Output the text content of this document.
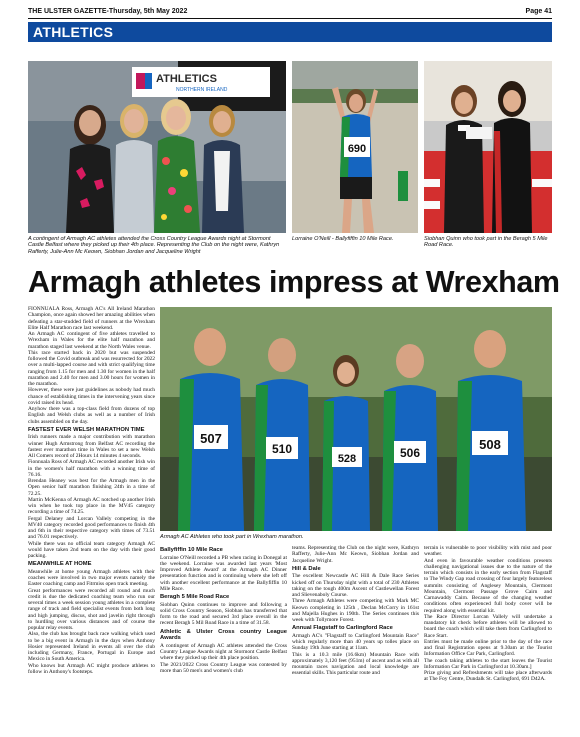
THE ULSTER GAZETTE-Thursday, 5th May 2022	Page 41
ATHLETICS
ATHLETICS
NORTHERN IRELAND
690
A contingent of Armagh AC athletes attended the Cross Country League Awards night at Stormont Castle Belfast where they picked up their 4th place. Representing the Club on the night were, Kathryn Rafferty, Julie-Ann Mc Keown, Siobhan Jordan and Jacqueline Wright
Lorraine O'Neill - Ballyfiffin 10 Mile Race.	Siobhan Quinn who took part in the Beragh 5 Mile Road Race.
Armagh athletes impress at Wrexham
507
510
528	506
508
Armagh AC Athletes who took part in Wrexham marathon.

FIONNUALA Ross, Armagh AC's All Ireland Marathon Champion, once again showed her amazing abilities when defeating a star-studded field of runners at the Wrexham Elite Half Marathon race last weekend.

An Armagh AC contingent of five athletes travelled to Wrexham in Wales for the elite half marathon and marathon staged last weekend at the North Wales venue.

This race started back in 2020 but was suspended followed the Covid outbreak and was resurrected for 2022 over a multi-lapped course and with strict qualifying time ranging from 1.15 for men and 1.30 for women in the half marathon and 2.40 for men and 3.00 hours for women in the marathon.

However, these were just guidelines as nobody had much chance of establishing times in the intervening years since covid raised its head.

Anyhow there was a top-class field from dozens of top English and Welsh clubs as well as a number of Irish clubs assembled on the day.

FASTEST EVER WELSH MARATHON TIME

Irish runners made a major contribution with marathon winner Hugh Armstrong from Belfast AC recording the fastest ever marathon time in Wales to set a new Welsh All Comers record of 2Hours 14 minutes 4 seconds.

Fionnuala Ross of Armagh AC recorded another Irish win in the women's half marathon with a winning time of 76.16.

Brendan Heaney was best for the Armagh men in the Open senior half marathon finishing 24th in a time of 72.25.

Martin McKenna of Armagh AC notched up another Irish win when he took top place in the MV45 category recording a time of 74.25.

Fergal Delaney and Lorcan Vallely competing in the MV40 category recorded good performances to finish 4th and 6th in their respective category with times of 73.51 and 76.01 respectively.

While there was no official team category Armagh AC would have taken 2nd team on the day with their good packing.

MEANWHILE AT HOME

Meanwhile at home young Armagh athletes with their coaches were involved in two major events namely the Easter coaching camp and Fitrmiss open track meeting.

Great performances were recorded all round and much credit is due the dedicated coaching team who run our several times a week session young athletes in a complete range of track and field specialist events from both long and high jumping, discus, shot and javelin right through to hurdling over various distances and of course the popular relay events.

Also, the club has brought back race walking which used to be a big event in Armagh in the days when Anthony Hosier represented Ireland in events all over the club including Germany, France, Portugal in Europe and Mexico in South America.

Who knows but Armagh AC might produce athletes to follow in Anthony's footsteps.

Ballyfiffin 10 Mile Race

Lorraine O'Neill recorded a PB when racing in Donegal at the weekend. Lorraine was awarded last years 'Most Improved Athlete Award' at the Armagh AC Dinner presentation function and is continuing where she left off with another excellent performance at the Ballyfiffin 10 Mile Race.

Beragh 5 Mile Road Race

Siobhan Quinn continues to improve and following a solid Cross Country Season, Siobhan has transferred that form to the road and secured 3rd place overall in the recent Beragh 5 Mil Road Race in a time of 31.58.

Athletic & Ulster Cross country League Awards

A contingent of Armagh AC athletes attended the Cross Country League Awards night at Stormont Castle Belfast where they picked up their 4th place position.

The 2021/2022 Cross Country League was contested by more than 50 men's and women's club

teams. Representing the Club on the night were, Kathryn Rafferty, Julie-Ann Mc Keown, Siobhan Jordan and Jacqueline Wright.

Hill & Dale

The excellent Newcastle AC Hill & Dale Race Series kicked off on Thursday night with a total of 230 Athletes taking on the tough 400m Ascent of Castlewellan Forest and Slievenaboly Course.

Three Armagh Athletes were competing with Mark MC Keown completing in 125th , Declan McCorry in 161st and Majella Hughes in 190th. The Series continues this week with Tollymore Forest.

Annual Flagstaff to Carlingford Race

Armagh AC's "Flagstaff to Carlingford Mountain Race" which regularly more than 40 years up tolles place on Sunday 19th June starting at 11am.

This is a 10.3 mile (16.6km) Mountain Race with approximately 3,120 feet (951m) of ascent and as with all mountain races navigation and local knowledge are essential skills. This particular route and

terrain is vulnerable to poor visibility with mist and poor weather.

And even in favourable weather conditions presents challenging navigational issues due to the nature of the terrain which consists in the early section from Flagstaff to The Windy Gap road crossing of four largely featureless summits consisting of Anglesey Mountain, Clermont Mountain, Clermont Passage Grove Cairn and Carnawaddy Cairn. Because of the changing weather conditions often experienced full body cover will be required along with essential kit.

The Race Director Lorcan Vallely will undertake a mandatory kit check before athletes will be allowed to board the coach which will take them from Carlingford to Race Start.

Entries must be made online prior to the day of the race and final Registration opens at 9.30am at the Tourist Information Office Car Park, Carlingford.

The coach taking athletes to the start leaves the Tourist Information Car Park in Carlingford at 10.30am.]

Prize giving and Refreshments will take place afterwards at The Foy Centre, Dundalk St. Carlingford, 691 D42A.
